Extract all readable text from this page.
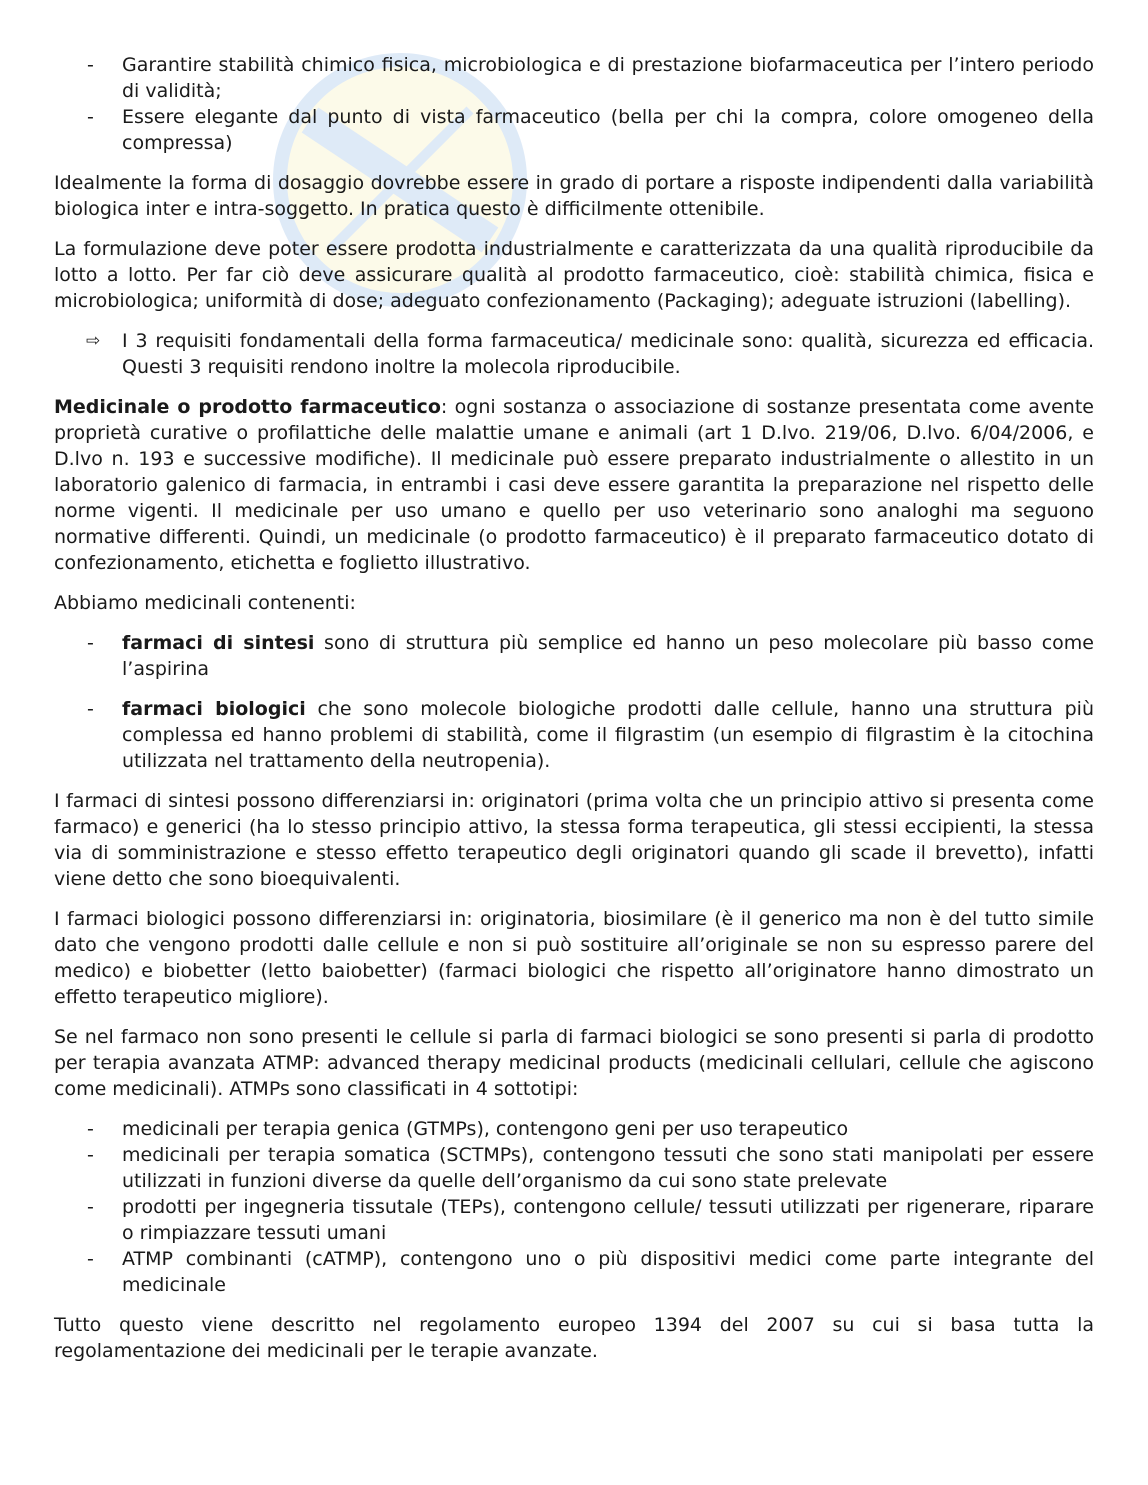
- Garantire stabilità chimico fisica, microbiologica e di prestazione biofarmaceutica per l’intero periodo di validità;
- Essere elegante dal punto di vista farmaceutico (bella per chi la compra, colore omogeneo della compressa)

Idealmente la forma di dosaggio dovrebbe essere in grado di portare a risposte indipendenti dalla variabilità biologica inter e intra-soggetto. In pratica questo è difficilmente ottenibile.

La formulazione deve poter essere prodotta industrialmente e caratterizzata da una qualità riproducibile da lotto a lotto. Per far ciò deve assicurare qualità al prodotto farmaceutico, cioè: stabilità chimica, fisica e microbiologica; uniformità di dose; adeguato confezionamento (Packaging); adeguate istruzioni (labelling).

⇨ I 3 requisiti fondamentali della forma farmaceutica/ medicinale sono: qualità, sicurezza ed efficacia. Questi 3 requisiti rendono inoltre la molecola riproducibile.

Medicinale o prodotto farmaceutico: ogni sostanza o associazione di sostanze presentata come avente proprietà curative o profilattiche delle malattie umane e animali (art 1 D.lvo. 219/06, D.lvo. 6/04/2006, e D.lvo n. 193 e successive modifiche). Il medicinale può essere preparato industrialmente o allestito in un laboratorio galenico di farmacia, in entrambi i casi deve essere garantita la preparazione nel rispetto delle norme vigenti. Il medicinale per uso umano e quello per uso veterinario sono analoghi ma seguono normative differenti. Quindi, un medicinale (o prodotto farmaceutico) è il preparato farmaceutico dotato di confezionamento, etichetta e foglietto illustrativo.

Abbiamo medicinali contenenti:

- farmaci di sintesi sono di struttura più semplice ed hanno un peso molecolare più basso come l’aspirina
- farmaci biologici che sono molecole biologiche prodotti dalle cellule, hanno una struttura più complessa ed hanno problemi di stabilità, come il filgrastim (un esempio di filgrastim è la citochina utilizzata nel trattamento della neutropenia).

I farmaci di sintesi possono differenziarsi in: originatori (prima volta che un principio attivo si presenta come farmaco) e generici (ha lo stesso principio attivo, la stessa forma terapeutica, gli stessi eccipienti, la stessa via di somministrazione e stesso effetto terapeutico degli originatori quando gli scade il brevetto), infatti viene detto che sono bioequivalenti.

I farmaci biologici possono differenziarsi in: originatoria, biosimilare (è il generico ma non è del tutto simile dato che vengono prodotti dalle cellule e non si può sostituire all’originale se non su espresso parere del medico) e biobetter (letto baiobetter) (farmaci biologici che rispetto all’originatore hanno dimostrato un effetto terapeutico migliore).

Se nel farmaco non sono presenti le cellule si parla di farmaci biologici se sono presenti si parla di prodotto per terapia avanzata ATMP: advanced therapy medicinal products (medicinali cellulari, cellule che agiscono come medicinali). ATMPs sono classificati in 4 sottotipi:

- medicinali per terapia genica (GTMPs), contengono geni per uso terapeutico
- medicinali per terapia somatica (SCTMPs), contengono tessuti che sono stati manipolati per essere utilizzati in funzioni diverse da quelle dell’organismo da cui sono state prelevate
- prodotti per ingegneria tissutale (TEPs), contengono cellule/ tessuti utilizzati per rigenerare, riparare o rimpiazzare tessuti umani
- ATMP combinanti (cATMP), contengono uno o più dispositivi medici come parte integrante del medicinale

Tutto questo viene descritto nel regolamento europeo 1394 del 2007 su cui si basa tutta la regolamentazione dei medicinali per le terapie avanzate.
